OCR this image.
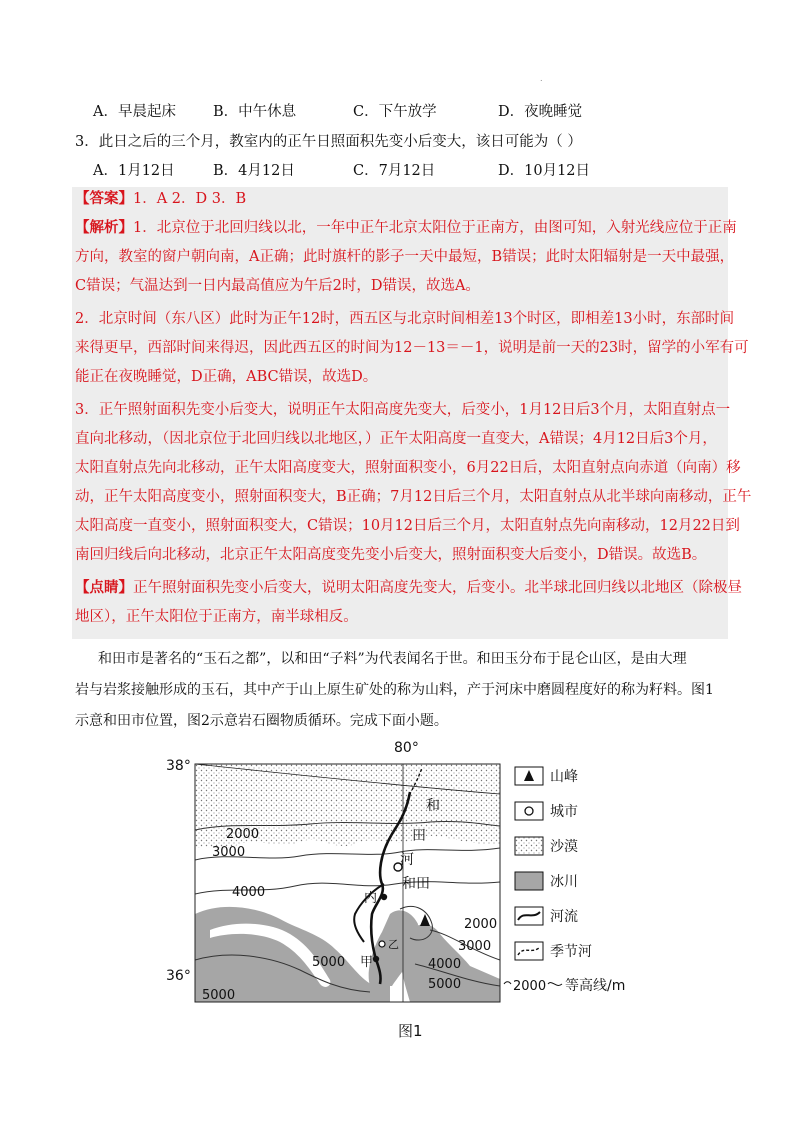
.
A．早晨起床	B．中午休息	C．下午放学	D．夜晚睡觉
3．此日之后的三个月，教室内的正午日照面积先变小后变大，该日可能为（ ）
A．1月12日	B．4月12日	C．7月12日	D．10月12日
【答案】1．A 2．D 3．B
【解析】1．北京位于北回归线以北，一年中正午北京太阳位于正南方，由图可知，入射光线应位于正南
方向，教室的窗户朝向南，A正确；此时旗杆的影子一天中最短，B错误；此时太阳辐射是一天中最强，
C错误；气温达到一日内最高值应为午后2时，D错误，故选A。
2．北京时间（东八区）此时为正午12时，西五区与北京时间相差13个时区，即相差13小时，东部时间
来得更早，西部时间来得迟，因此西五区的时间为12－13＝－1，说明是前一天的23时，留学的小军有可
能正在夜晚睡觉，D正确，ABC错误，故选D。
3．正午照射面积先变小后变大，说明正午太阳高度先变大，后变小，1月12日后3个月，太阳直射点一
直向北移动，（因北京位于北回归线以北地区，）正午太阳高度一直变大，A错误；4月12日后3个月，
太阳直射点先向北移动，正午太阳高度变大，照射面积变小，6月22日后，太阳直射点向赤道（向南）移
动，正午太阳高度变小，照射面积变大，B正确；7月12日后三个月，太阳直射点从北半球向南移动，正午
太阳高度一直变小，照射面积变大，C错误；10月12日后三个月，太阳直射点先向南移动，12月22日到
南回归线后向北移动，北京正午太阳高度变先变小后变大，照射面积变大后变小，D错误。故选B。
【点睛】正午照射面积先变小后变大，说明太阳高度先变大，后变小。北半球北回归线以北地区（除极昼
地区），正午太阳位于正南方，南半球相反。
和田市是著名的“玉石之都”，以和田“子料”为代表闻名于世。和田玉分布于昆仑山区，是由大理
岩与岩浆接触形成的玉石，其中产于山上原生矿处的称为山料，产于河床中磨圆程度好的称为籽料。图1
示意和田市位置，图2示意岩石圈物质循环。完成下面小题。
80°
38°
36°
和
田
河
和田
内
甲
乙
2000
3000
4000
5000
2000
3000
4000
5000
5000
山峰
城市
沙漠
冰川
河流
季节河
2000 等高线/m
图1
